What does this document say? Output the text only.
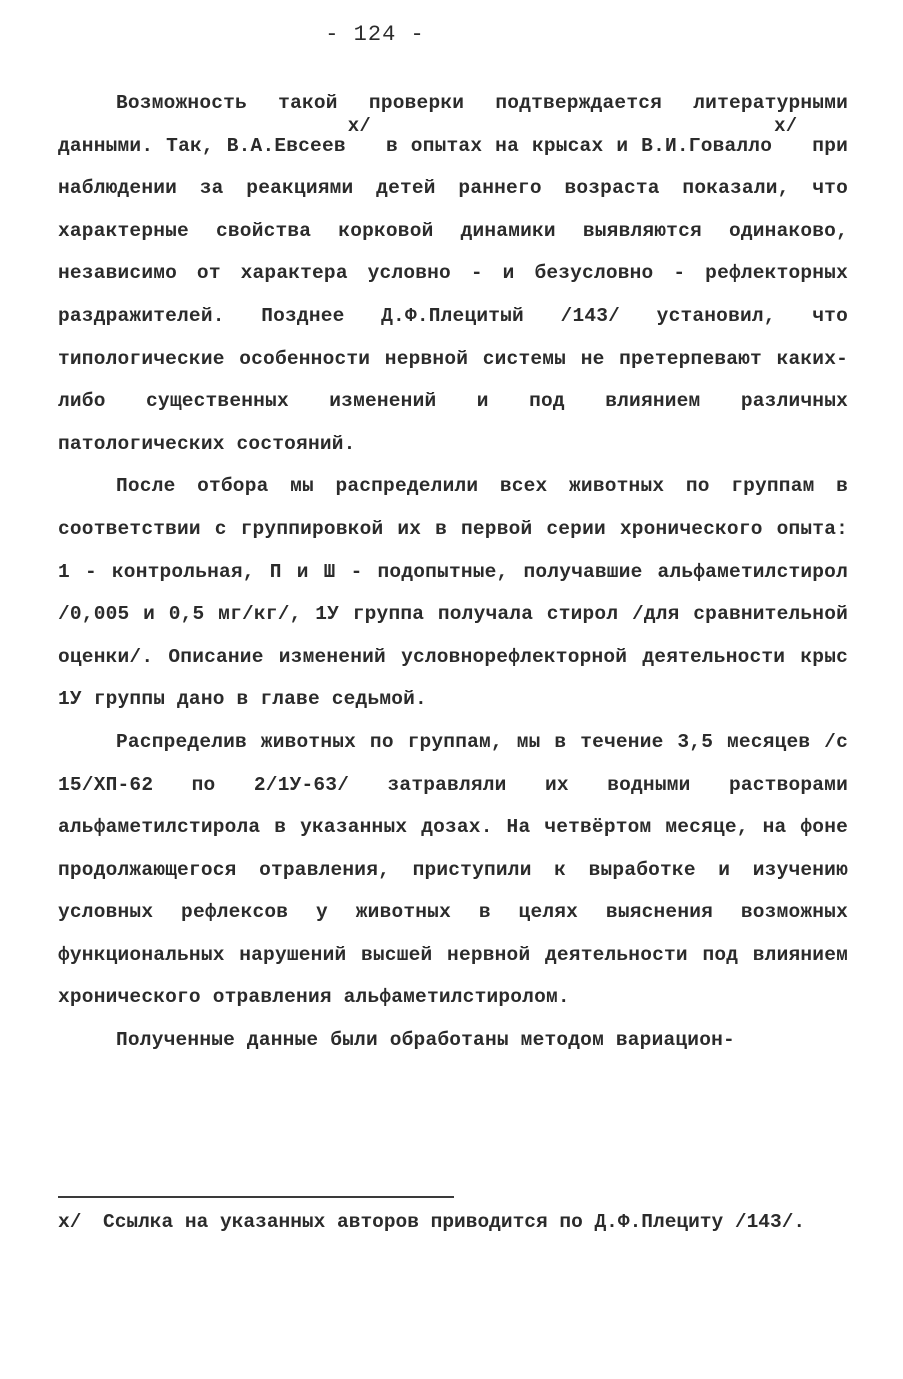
- 124 -

Возможность такой проверки подтверждается литературными данными. Так, В.А.Евсеевх/ в опытах на крысах и В.И.Говаллох/ при наблюдении за реакциями детей раннего возраста показали, что характерные свойства корковой динамики выявляются одинаково, независимо от характера условно - и безусловно - рефлекторных раздражителей. Позднее Д.Ф.Плецитый /143/ установил, что типологические особенности нервной системы не претерпевают каких-либо существенных изменений и под влиянием различных патологических состояний.

После отбора мы распределили всех животных по группам в соответствии с группировкой их в первой серии хронического опыта: 1 - контрольная, П и Ш - подопытные, получавшие альфаметилстирол /0,005 и 0,5 мг/кг/, 1У группа получала стирол /для сравнительной оценки/. Описание изменений условнорефлекторной деятельности крыс 1У группы дано в главе седьмой.

Распределив животных по группам, мы в течение 3,5 месяцев /с 15/ХП-62 по 2/1У-63/ затравляли их водными растворами альфаметилстирола в указанных дозах. На четвёртом месяце, на фоне продолжающегося отравления, приступили к выработке и изучению условных рефлексов у животных в целях выяснения возможных функциональных нарушений высшей нервной деятельности под влиянием хронического отравления альфаметилстиролом.

Полученные данные были обработаны методом вариацион-

х/ Ссылка на указанных авторов приводится по Д.Ф.Плециту /143/.
